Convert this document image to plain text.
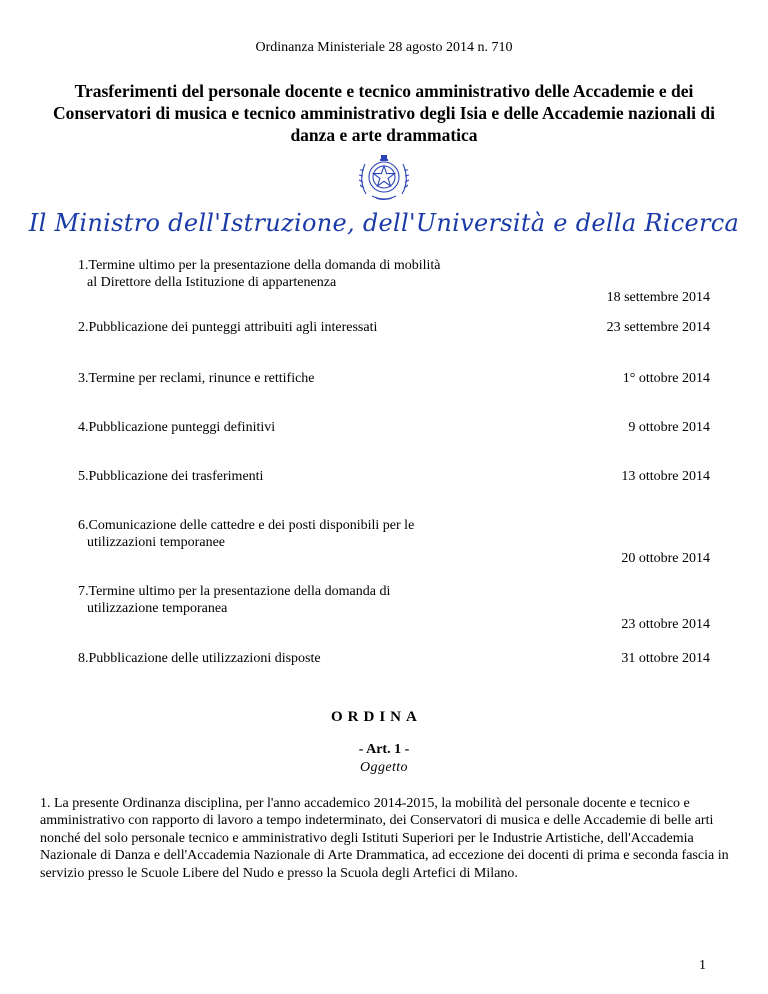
Ordinanza Ministeriale 28 agosto 2014 n. 710
Trasferimenti del personale docente e tecnico amministrativo delle Accademie e dei Conservatori di musica e tecnico amministrativo degli Isia e delle Accademie nazionali di danza e arte drammatica
Il Ministro dell'Istruzione, dell'Università e della Ricerca
1.Termine ultimo per la presentazione della domanda di mobilità
al Direttore della Istituzione di appartenenza
18 settembre 2014
2.Pubblicazione dei punteggi attribuiti agli interessati	23 settembre 2014
3.Termine per reclami, rinunce e rettifiche	1° ottobre 2014
4.Pubblicazione punteggi definitivi	9 ottobre 2014
5.Pubblicazione dei trasferimenti	13 ottobre 2014
6.Comunicazione delle cattedre e dei posti disponibili per le
utilizzazioni temporanee
20 ottobre 2014
7.Termine ultimo per la presentazione della domanda di
utilizzazione temporanea
23 ottobre 2014
8.Pubblicazione delle utilizzazioni disposte	31 ottobre 2014
ORDINA
- Art. 1 -
Oggetto
1. La presente Ordinanza disciplina, per l'anno accademico 2014-2015, la mobilità del personale docente e tecnico e amministrativo con rapporto di lavoro a tempo indeterminato, dei Conservatori di musica e delle Accademie di belle arti nonché del solo personale tecnico e amministrativo degli Istituti Superiori per le Industrie Artistiche, dell'Accademia Nazionale di Danza e dell'Accademia Nazionale di Arte Drammatica, ad eccezione dei docenti di prima e seconda fascia in servizio presso le Scuole Libere del Nudo e presso la Scuola degli Artefici di Milano.
1
